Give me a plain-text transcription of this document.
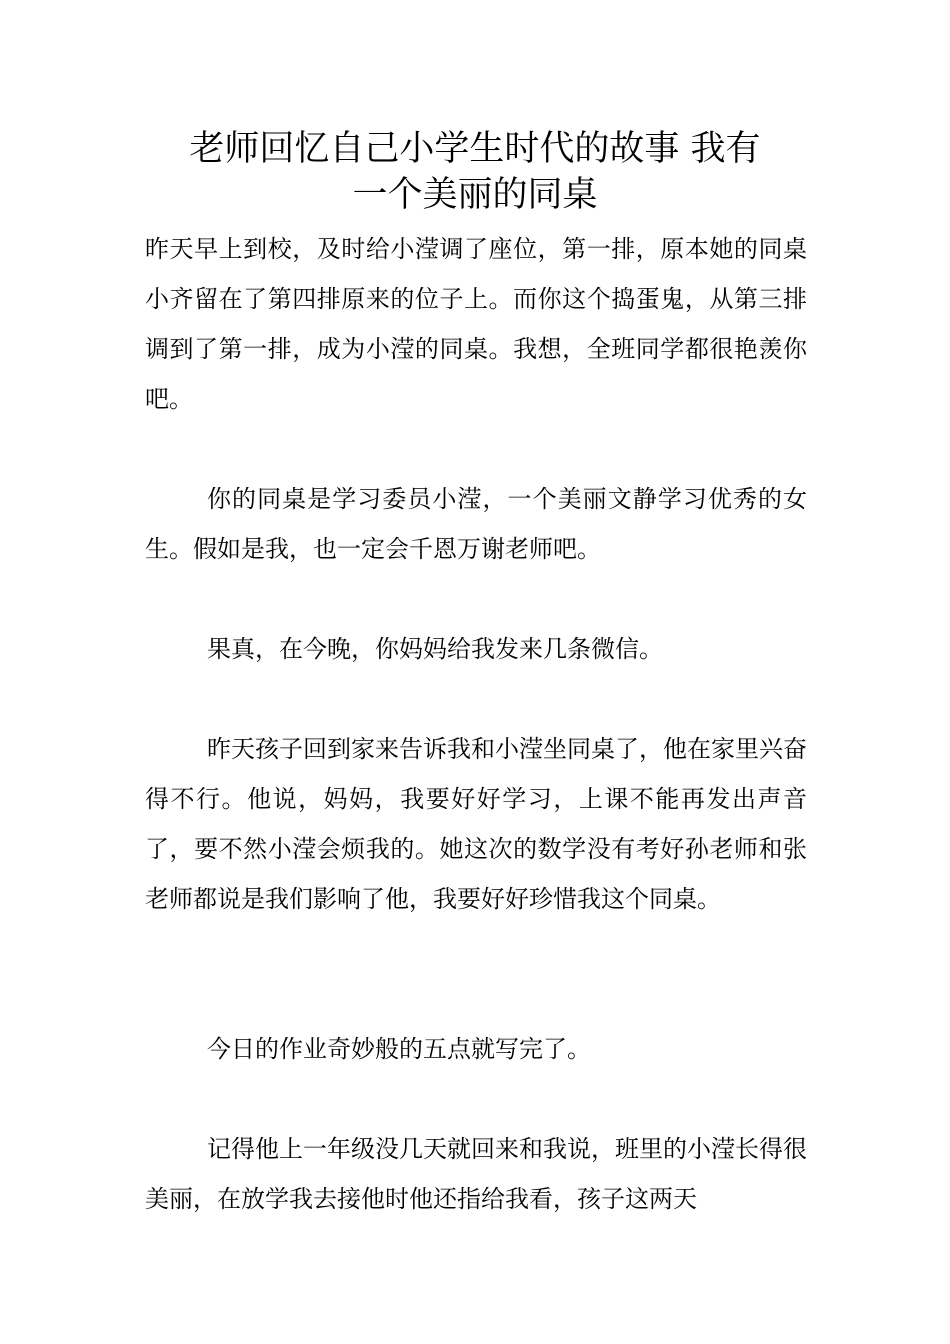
老师回忆自己小学生时代的故事 我有
一个美丽的同桌

昨天早上到校，及时给小滢调了座位，第一排，原本她的同桌小齐留在了第四排原来的位子上。而你这个捣蛋鬼，从第三排调到了第一排，成为小滢的同桌。我想，全班同学都很艳羡你吧。

你的同桌是学习委员小滢，一个美丽文静学习优秀的女生。假如是我，也一定会千恩万谢老师吧。

果真，在今晚，你妈妈给我发来几条微信。

昨天孩子回到家来告诉我和小滢坐同桌了，他在家里兴奋得不行。他说，妈妈，我要好好学习，上课不能再发出声音了，要不然小滢会烦我的。她这次的数学没有考好孙老师和张老师都说是我们影响了他，我要好好珍惜我这个同桌。

今日的作业奇妙般的五点就写完了。

记得他上一年级没几天就回来和我说，班里的小滢长得很美丽，在放学我去接他时他还指给我看，孩子这两天
